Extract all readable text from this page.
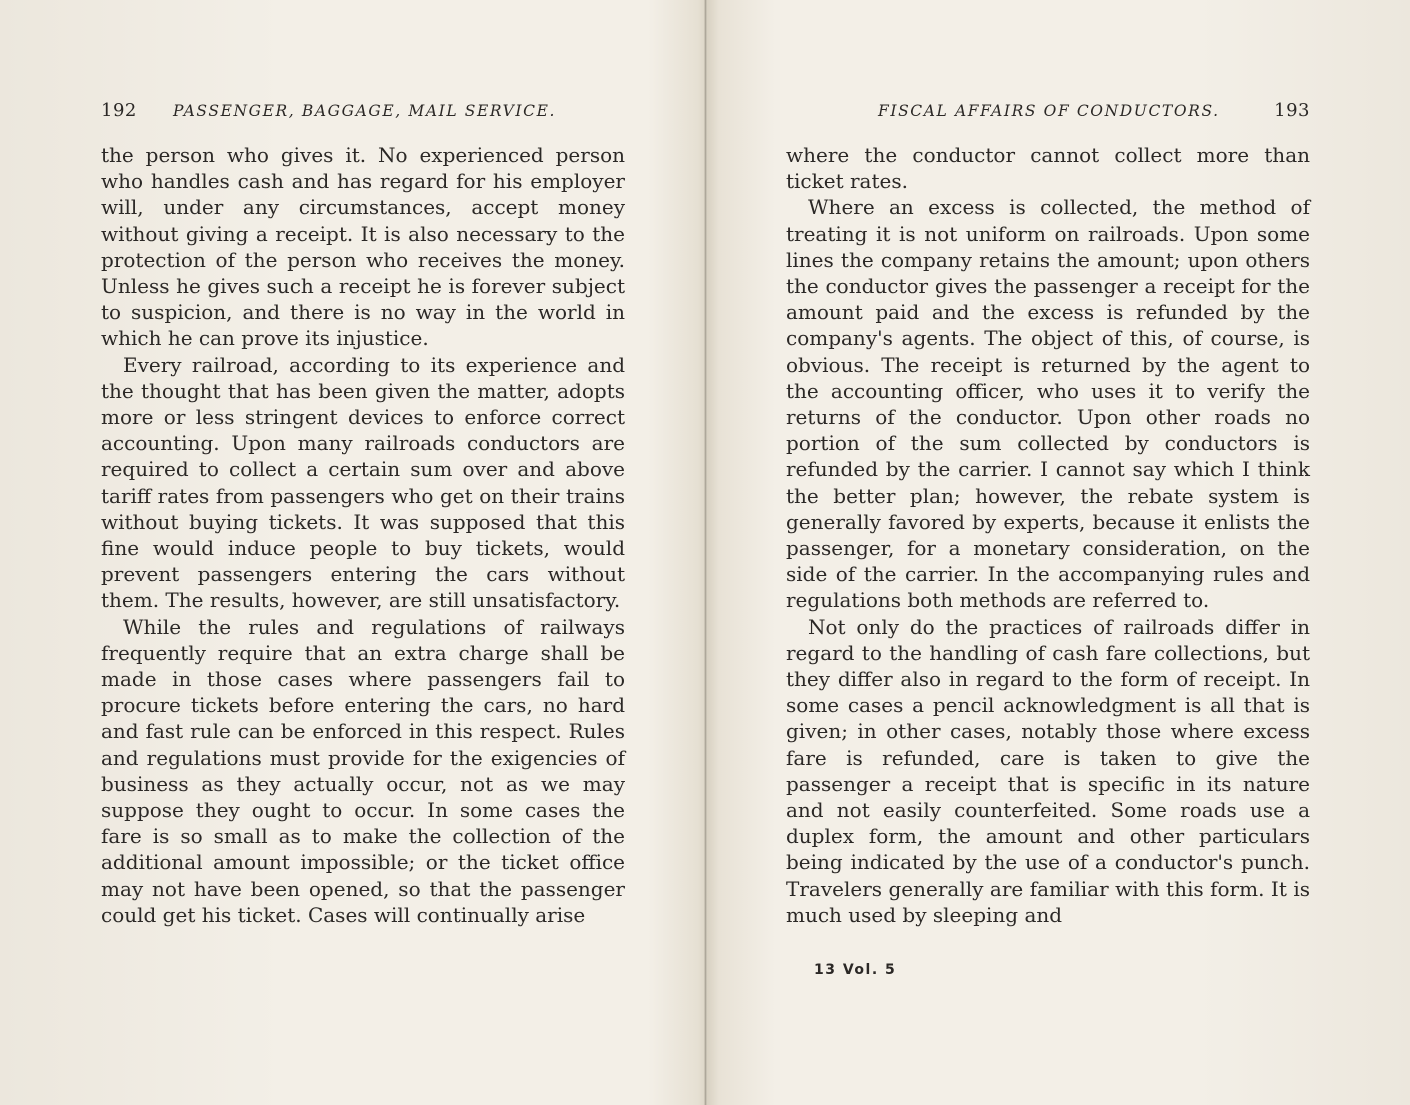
192 PASSENGER, BAGGAGE, MAIL SERVICE.

the person who gives it. No experienced person who handles cash and has regard for his employer will, under any circumstances, accept money without giving a receipt. It is also necessary to the protection of the person who receives the money. Unless he gives such a receipt he is forever subject to suspicion, and there is no way in the world in which he can prove its injustice.

Every railroad, according to its experience and the thought that has been given the matter, adopts more or less stringent devices to enforce correct accounting. Upon many railroads conductors are required to collect a certain sum over and above tariff rates from passengers who get on their trains without buying tickets. It was supposed that this fine would induce people to buy tickets, would prevent passengers entering the cars without them. The results, however, are still unsatisfactory.

While the rules and regulations of railways frequently require that an extra charge shall be made in those cases where passengers fail to procure tickets before entering the cars, no hard and fast rule can be enforced in this respect. Rules and regulations must provide for the exigencies of business as they actually occur, not as we may suppose they ought to occur. In some cases the fare is so small as to make the collection of the additional amount impossible; or the ticket office may not have been opened, so that the passenger could get his ticket. Cases will continually arise

FISCAL AFFAIRS OF CONDUCTORS.	193

where the conductor cannot collect more than ticket rates.

Where an excess is collected, the method of treating it is not uniform on railroads. Upon some lines the company retains the amount; upon others the conductor gives the passenger a receipt for the amount paid and the excess is refunded by the company's agents. The object of this, of course, is obvious. The receipt is returned by the agent to the accounting officer, who uses it to verify the returns of the conductor. Upon other roads no portion of the sum collected by conductors is refunded by the carrier. I cannot say which I think the better plan; however, the rebate system is generally favored by experts, because it enlists the passenger, for a monetary consideration, on the side of the carrier. In the accompanying rules and regulations both methods are referred to.

Not only do the practices of railroads differ in regard to the handling of cash fare collections, but they differ also in regard to the form of receipt. In some cases a pencil acknowledgment is all that is given; in other cases, notably those where excess fare is refunded, care is taken to give the passenger a receipt that is specific in its nature and not easily counterfeited. Some roads use a duplex form, the amount and other particulars being indicated by the use of a conductor's punch. Travelers generally are familiar with this form. It is much used by sleeping and

13 Vol. 5
